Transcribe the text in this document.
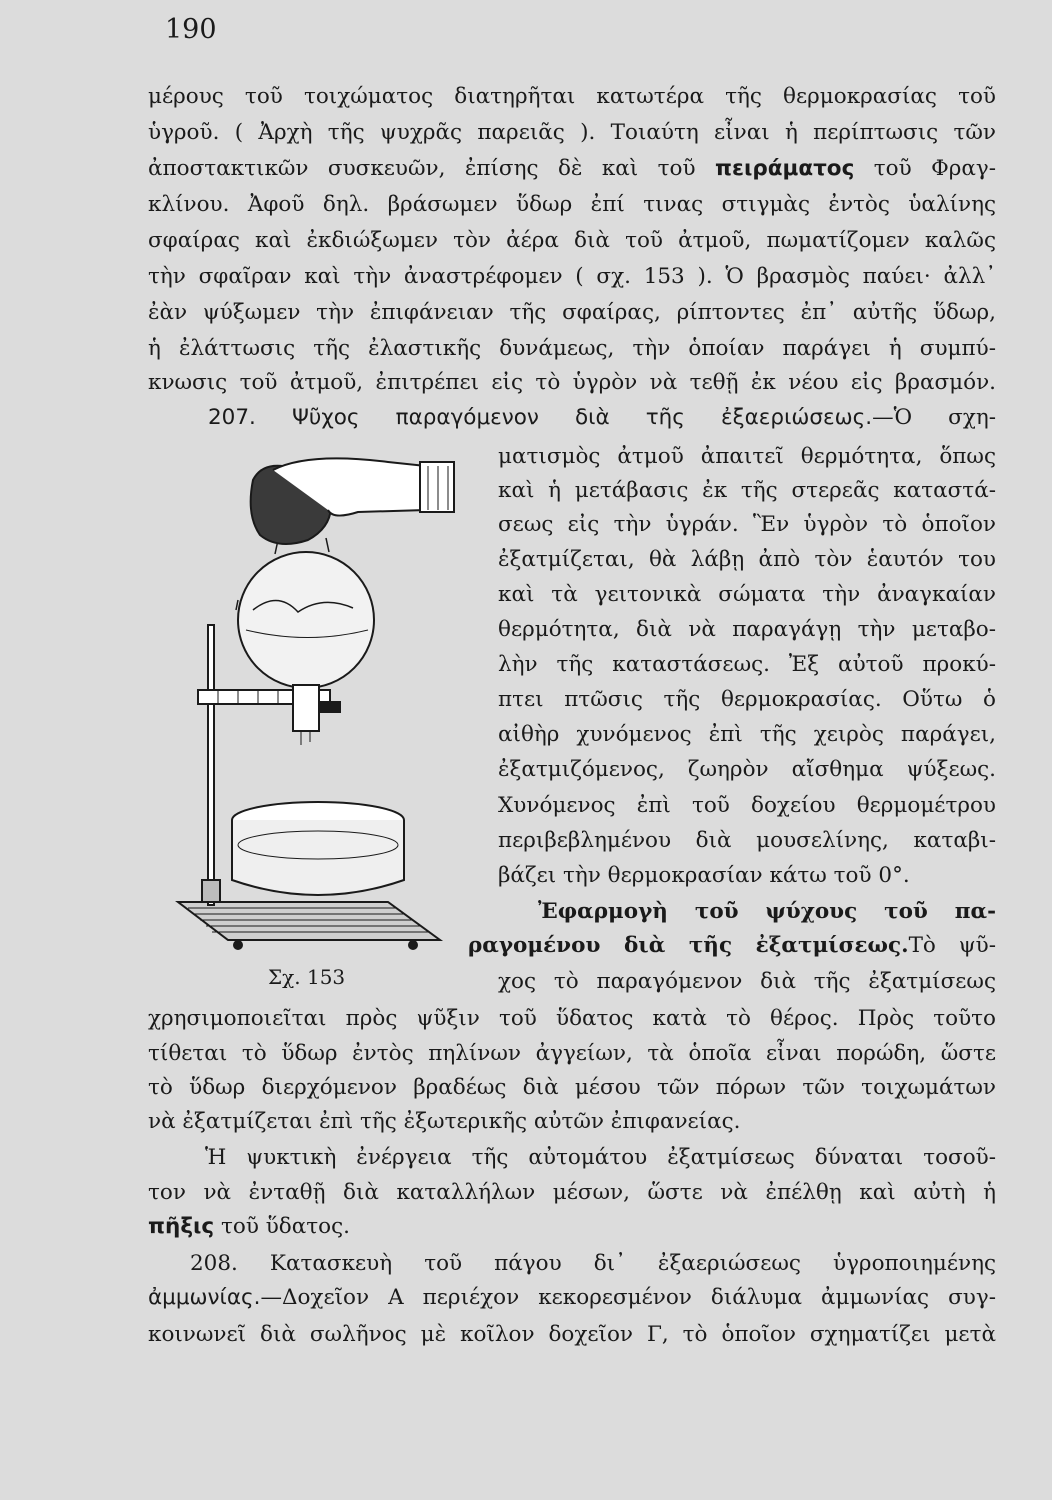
190
μέρους τοῦ τοιχώματος διατηρῆται κατωτέρα τῆς θερμοκρασίας τοῦ
ὑγροῦ. ( Ἀρχὴ τῆς ψυχρᾶς παρειᾶς ). Τοιαύτη εἶναι ἡ περίπτωσις τῶν
ἀποστακτικῶν συσκευῶν, ἐπίσης δὲ καὶ τοῦ πειράματος τοῦ Φραγ-
κλίνου. Ἀφοῦ δηλ. βράσωμεν ὕδωρ ἐπί τινας στιγμὰς ἐντὸς ὑαλίνης
σφαίρας καὶ ἐκδιώξωμεν τὸν ἀέρα διὰ τοῦ ἀτμοῦ, πωματίζομεν καλῶς
τὴν σφαῖραν καὶ τὴν ἀναστρέφομεν ( σχ. 153 ). Ὁ βρασμὸς παύει· ἀλλ᾽
ἐὰν ψύξωμεν τὴν ἐπιφάνειαν τῆς σφαίρας, ρίπτοντες ἐπ᾽ αὐτῆς ὕδωρ,
ἡ ἐλάττωσις τῆς ἐλαστικῆς δυνάμεως, τὴν ὁποίαν παράγει ἡ συμπύ-
κνωσις τοῦ ἀτμοῦ, ἐπιτρέπει εἰς τὸ ὑγρὸν νὰ τεθῇ ἐκ νέου εἰς βρασμόν.
207. Ψῦχος παραγόμενον διὰ τῆς ἐξαεριώσεως.—Ὁ σχη-
ματισμὸς ἀτμοῦ ἀπαιτεῖ θερμότητα, ὅπως
καὶ ἡ μετάβασις ἐκ τῆς στερεᾶς καταστά-
σεως εἰς τὴν ὑγράν. Ἓν ὑγρὸν τὸ ὁποῖον
ἐξατμίζεται, θὰ λάβῃ ἀπὸ τὸν ἑαυτόν του
καὶ τὰ γειτονικὰ σώματα τὴν ἀναγκαίαν
θερμότητα, διὰ νὰ παραγάγῃ τὴν μεταβο-
λὴν τῆς καταστάσεως. Ἐξ αὐτοῦ προκύ-
πτει πτῶσις τῆς θερμοκρασίας. Οὕτω ὁ
αἰθὴρ χυνόμενος ἐπὶ τῆς χειρὸς παράγει,
ἐξατμιζόμενος, ζωηρὸν αἴσθημα ψύξεως.
Χυνόμενος ἐπὶ τοῦ δοχείου θερμομέτρου
περιβεβλημένου διὰ μουσελίνης, καταβι-
βάζει τὴν θερμοκρασίαν κάτω τοῦ 0°.
Ἐφαρμογὴ τοῦ ψύχους τοῦ πα-
ραγομένου διὰ τῆς ἐξατμίσεως.Τὸ ψῦ-
χος τὸ παραγόμενον διὰ τῆς ἐξατμίσεως
χρησιμοποιεῖται πρὸς ψῦξιν τοῦ ὕδατος κατὰ τὸ θέρος. Πρὸς τοῦτο
τίθεται τὸ ὕδωρ ἐντὸς πηλίνων ἀγγείων, τὰ ὁποῖα εἶναι πορώδη, ὥστε
τὸ ὕδωρ διερχόμενον βραδέως διὰ μέσου τῶν πόρων τῶν τοιχωμάτων
νὰ ἐξατμίζεται ἐπὶ τῆς ἐξωτερικῆς αὐτῶν ἐπιφανείας.
Ἡ ψυκτικὴ ἐνέργεια τῆς αὐτομάτου ἐξατμίσεως δύναται τοσοῦ-
τον νὰ ἐνταθῇ διὰ καταλλήλων μέσων, ὥστε νὰ ἐπέλθῃ καὶ αὐτὴ ἡ
πῆξις τοῦ ὕδατος.
208. Κατασκευὴ τοῦ πάγου δι᾽ ἐξαεριώσεως ὑγροποιημένης
ἀμμωνίας.—Δοχεῖον Α περιέχον κεκορεσμένον διάλυμα ἀμμωνίας συγ-
κοινωνεῖ διὰ σωλῆνος μὲ κοῖλον δοχεῖον Γ, τὸ ὁποῖον σχηματίζει μετὰ
Σχ. 153
